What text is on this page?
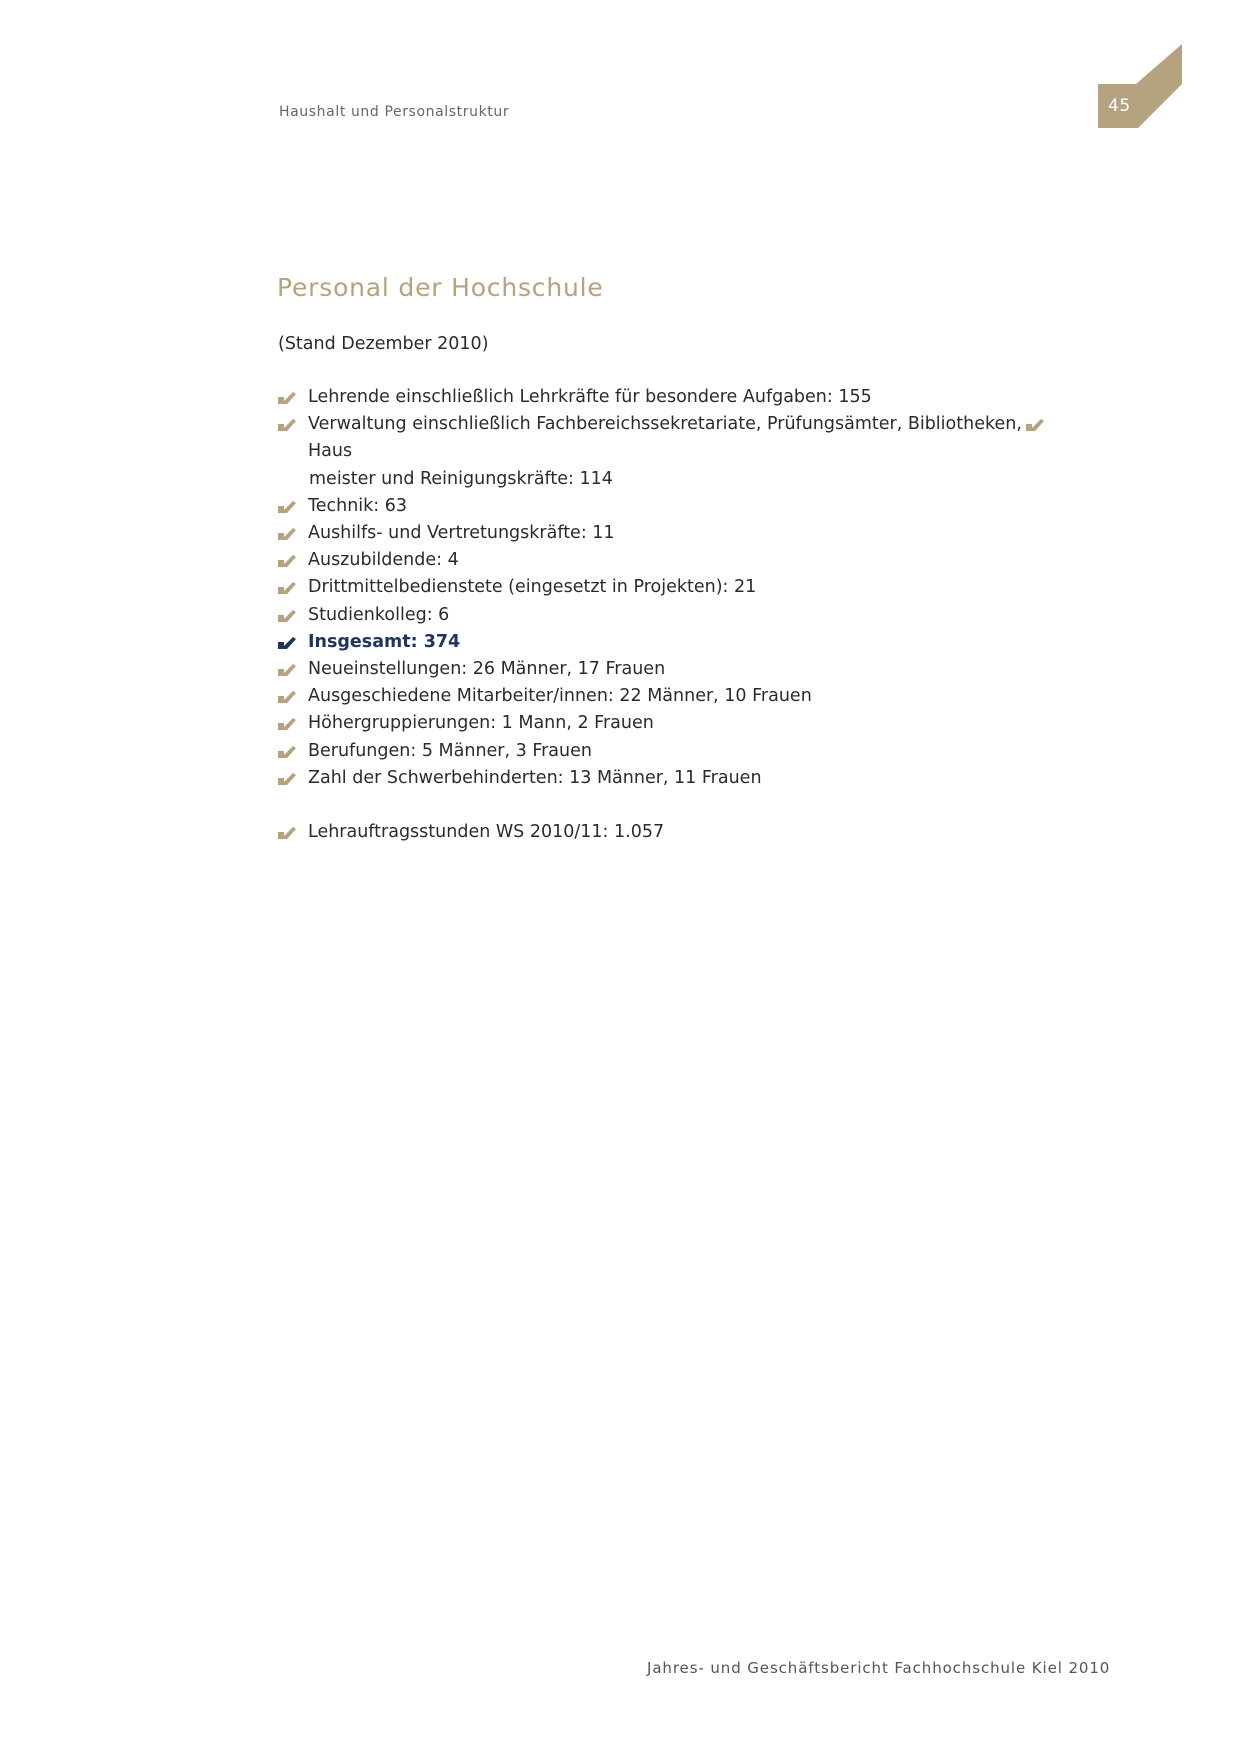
Haushalt und Personalstruktur	45
Personal der Hochschule
(Stand Dezember 2010)
Lehrende einschließlich Lehrkräfte für besondere Aufgaben: 155
Verwaltung einschließlich Fachbereichssekretariate, Prüfungsämter, Bibliotheken, Haus
meister und Reinigungskräfte: 114
Technik: 63
Aushilfs- und Vertretungskräfte: 11
Auszubildende: 4
Drittmittelbedienstete (eingesetzt in Projekten): 21
Studienkolleg: 6
Insgesamt: 374
Neueinstellungen: 26 Männer, 17 Frauen
Ausgeschiedene Mitarbeiter/innen: 22 Männer, 10 Frauen
Höhergruppierungen: 1 Mann, 2 Frauen
Berufungen: 5 Männer, 3 Frauen
Zahl der Schwerbehinderten: 13 Männer, 11 Frauen
Lehrauftragsstunden WS 2010/11: 1.057
Jahres- und Geschäftsbericht Fachhochschule Kiel 2010
